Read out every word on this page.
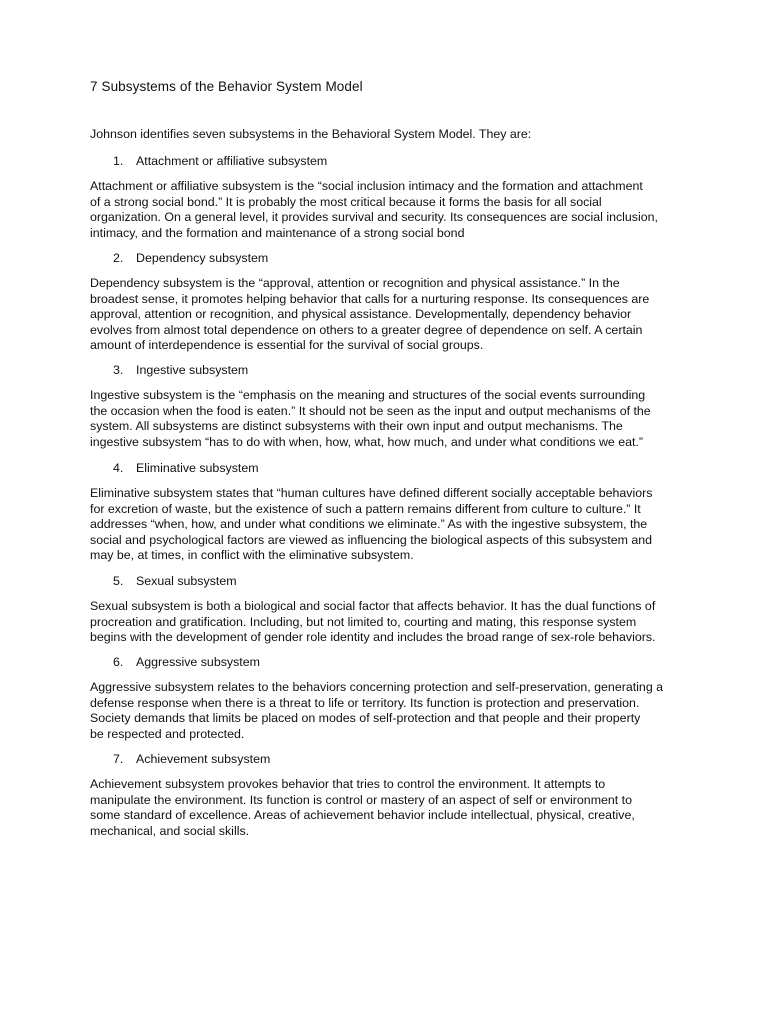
7 Subsystems of the Behavior System Model
Johnson identifies seven subsystems in the Behavioral System Model. They are:
1. Attachment or affiliative subsystem
Attachment or affiliative subsystem is the “social inclusion intimacy and the formation and attachment
of a strong social bond.” It is probably the most critical because it forms the basis for all social
organization. On a general level, it provides survival and security. Its consequences are social inclusion,
intimacy, and the formation and maintenance of a strong social bond
2. Dependency subsystem
Dependency subsystem is the “approval, attention or recognition and physical assistance.” In the
broadest sense, it promotes helping behavior that calls for a nurturing response. Its consequences are
approval, attention or recognition, and physical assistance. Developmentally, dependency behavior
evolves from almost total dependence on others to a greater degree of dependence on self. A certain
amount of interdependence is essential for the survival of social groups.
3. Ingestive subsystem
Ingestive subsystem is the “emphasis on the meaning and structures of the social events surrounding
the occasion when the food is eaten.” It should not be seen as the input and output mechanisms of the
system. All subsystems are distinct subsystems with their own input and output mechanisms. The
ingestive subsystem “has to do with when, how, what, how much, and under what conditions we eat.”
4. Eliminative subsystem
Eliminative subsystem states that “human cultures have defined different socially acceptable behaviors
for excretion of waste, but the existence of such a pattern remains different from culture to culture.” It
addresses “when, how, and under what conditions we eliminate.” As with the ingestive subsystem, the
social and psychological factors are viewed as influencing the biological aspects of this subsystem and
may be, at times, in conflict with the eliminative subsystem.
5. Sexual subsystem
Sexual subsystem is both a biological and social factor that affects behavior. It has the dual functions of
procreation and gratification. Including, but not limited to, courting and mating, this response system
begins with the development of gender role identity and includes the broad range of sex-role behaviors.
6. Aggressive subsystem
Aggressive subsystem relates to the behaviors concerning protection and self-preservation, generating a
defense response when there is a threat to life or territory. Its function is protection and preservation.
Society demands that limits be placed on modes of self-protection and that people and their property
be respected and protected.
7. Achievement subsystem
Achievement subsystem provokes behavior that tries to control the environment. It attempts to
manipulate the environment. Its function is control or mastery of an aspect of self or environment to
some standard of excellence. Areas of achievement behavior include intellectual, physical, creative,
mechanical, and social skills.
